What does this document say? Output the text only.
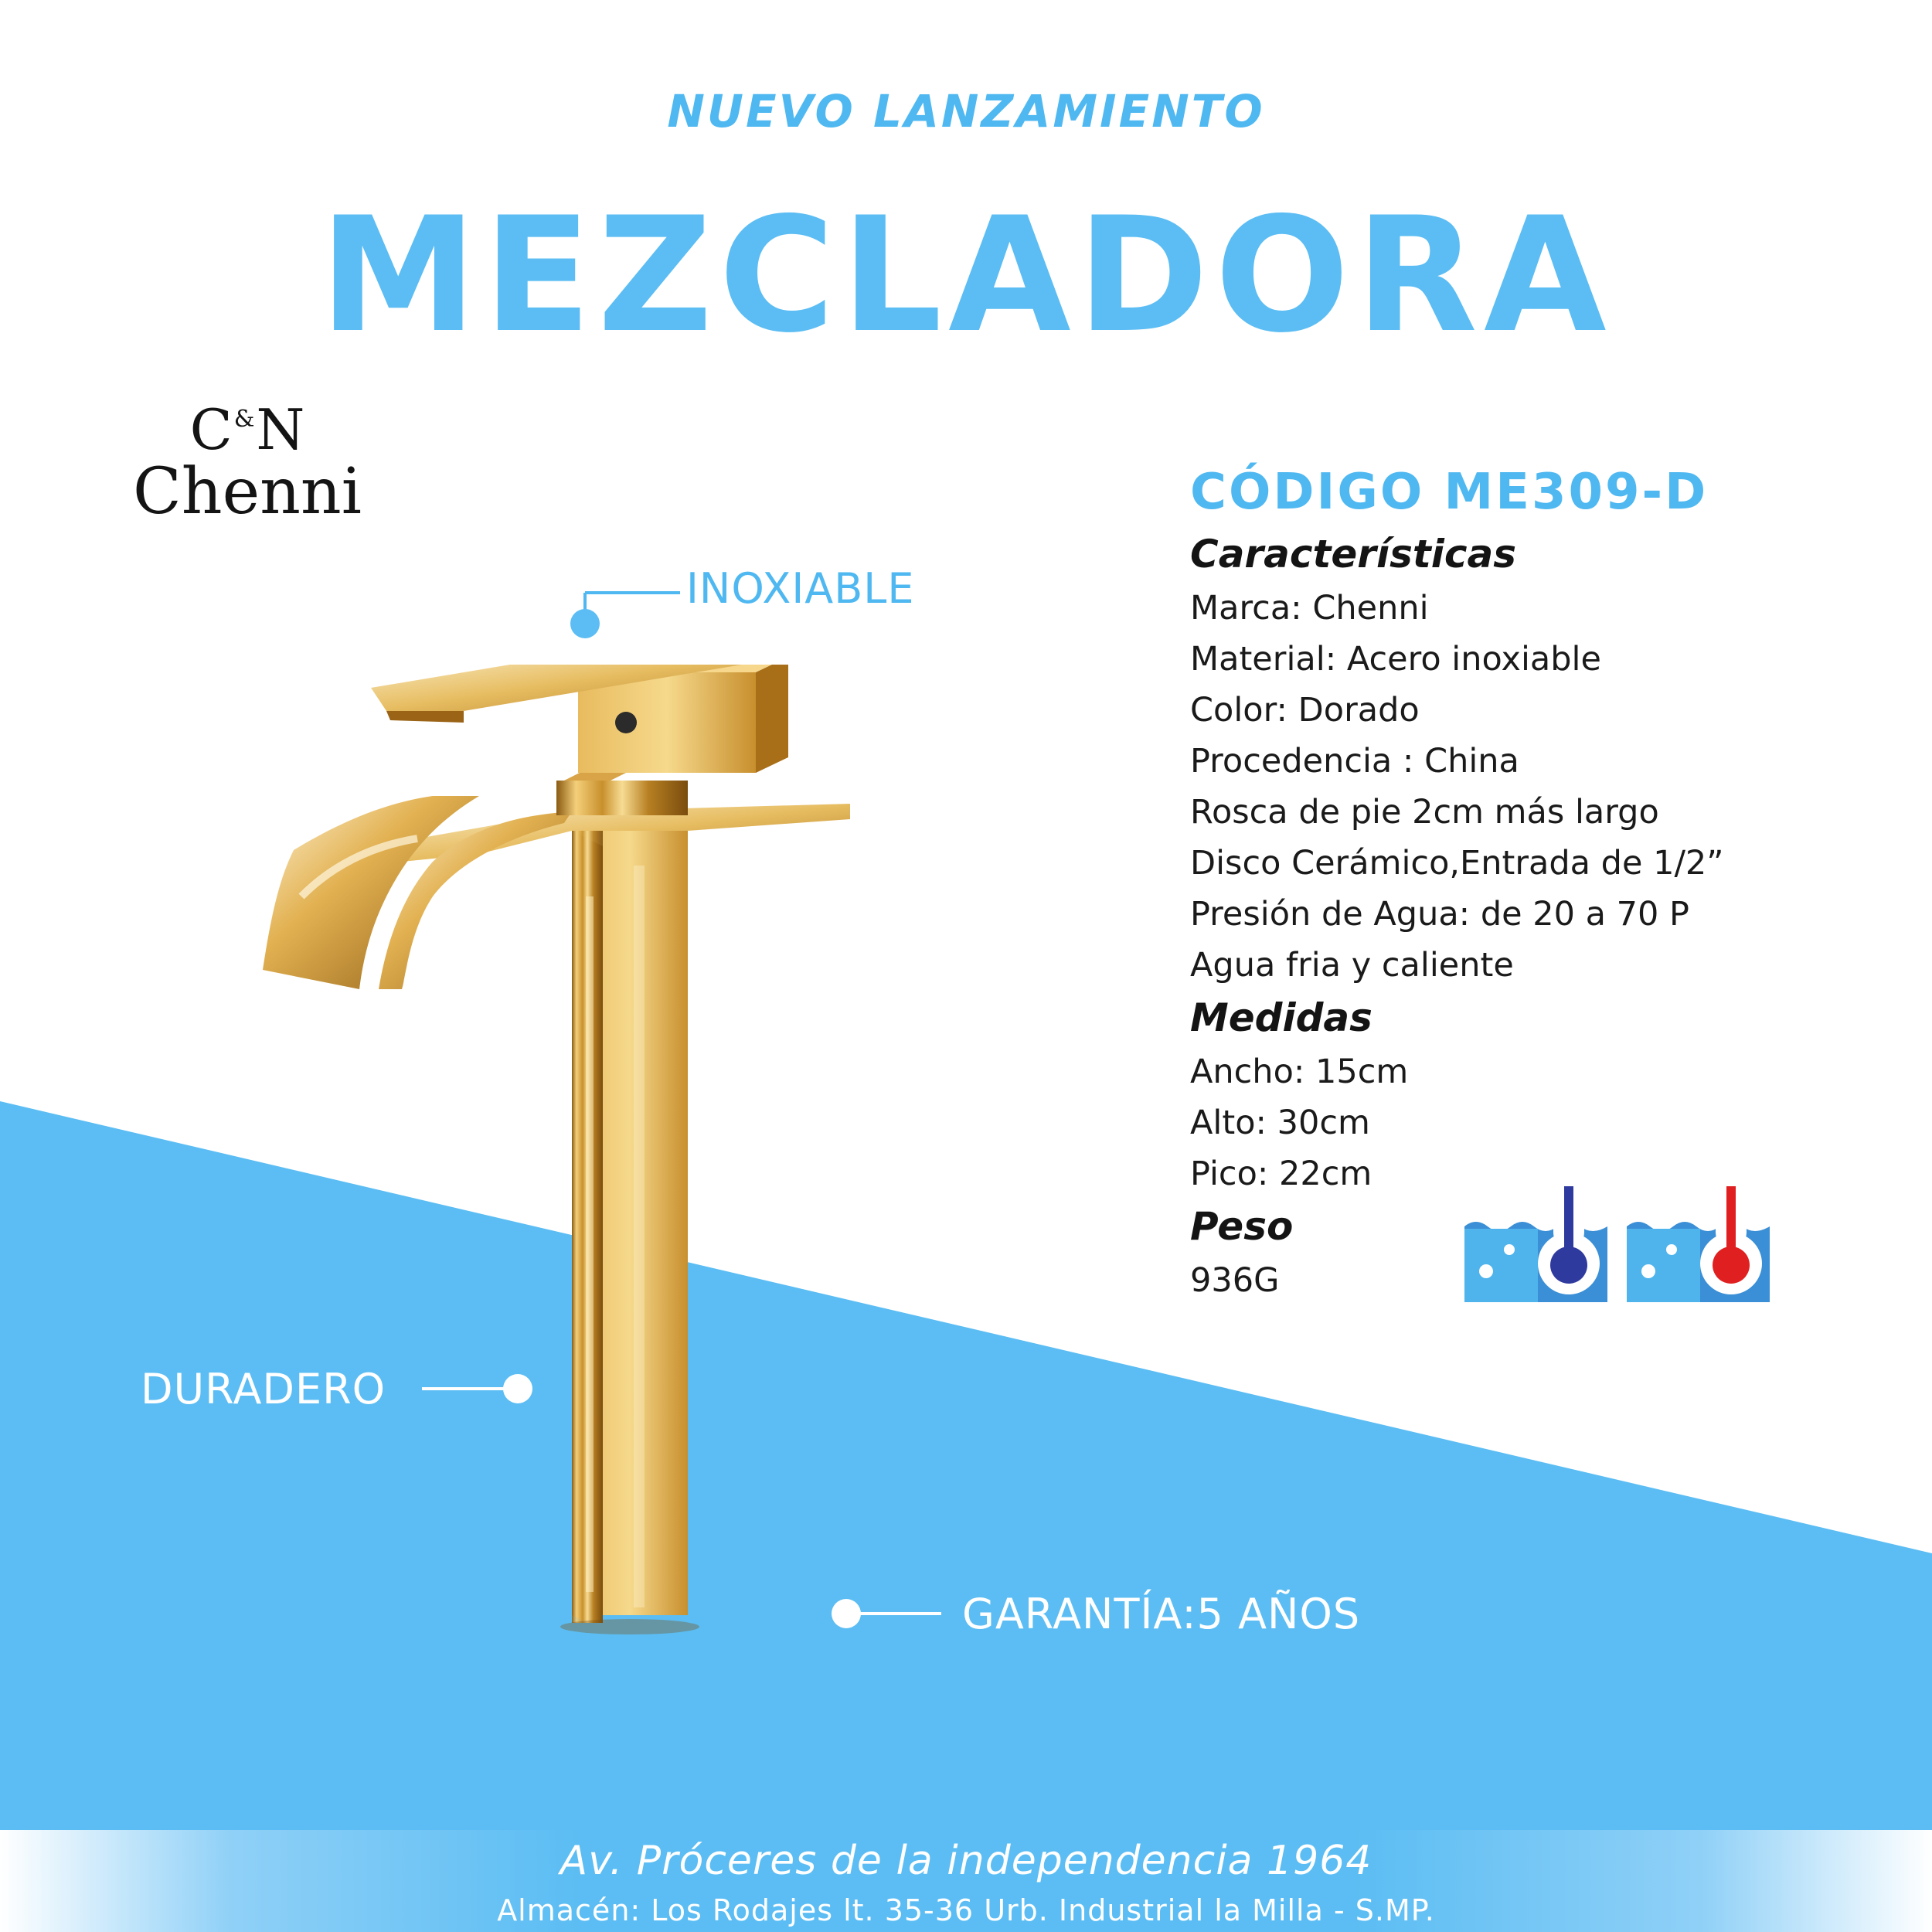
NUEVO LANZAMIENTO
MEZCLADORA
C&N
Chenni
INOXIABLE
DURADERO
GARANTÍA:5 AÑOS
CÓDIGO ME309-D
Características
Marca: Chenni
Material: Acero inoxiable
Color: Dorado
Procedencia : China
Rosca de pie 2cm más largo
Disco Cerámico,Entrada de 1/2”
Presión de Agua: de 20 a 70 P
Agua fria y caliente
Medidas
Ancho: 15cm
Alto: 30cm
Pico: 22cm
Peso
936G
Av. Próceres de la independencia 1964
Almacén: Los Rodajes lt. 35-36 Urb. Industrial la Milla - S.MP.
